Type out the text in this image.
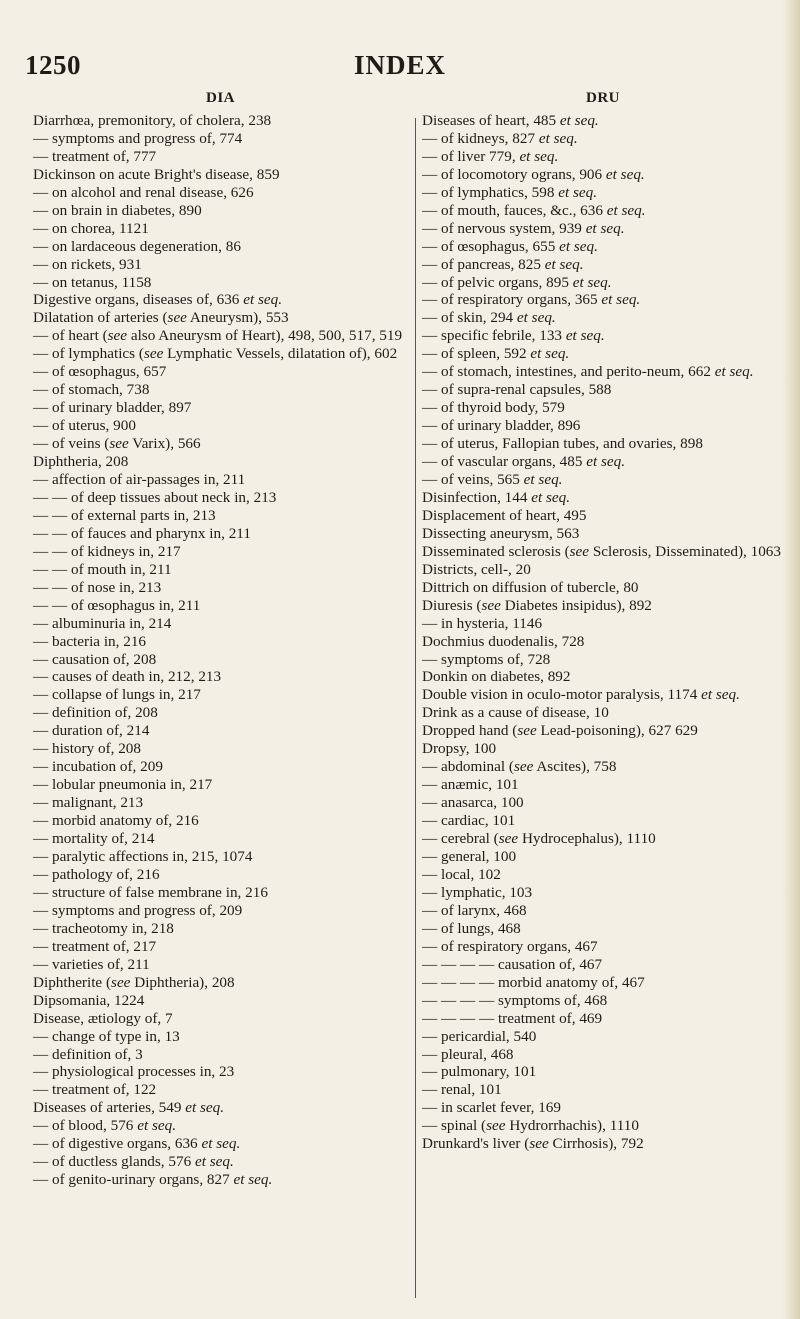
INDEX
1250
DIA
Diarrhœa, premonitory, of cholera, 238
— symptoms and progress of, 774
— treatment of, 777
Dickinson on acute Bright's disease, 859
— on alcohol and renal disease, 626
— on brain in diabetes, 890
— on chorea, 1121
— on lardaceous degeneration, 86
— on rickets, 931
— on tetanus, 1158
Digestive organs, diseases of, 636 et seq.
Dilatation of arteries (see Aneurysm), 553
— of heart (see also Aneurysm of Heart), 498, 500, 517, 519
— of lymphatics (see Lymphatic Vessels, dilatation of), 602
— of œsophagus, 657
— of stomach, 738
— of urinary bladder, 897
— of uterus, 900
— of veins (see Varix), 566
Diphtheria, 208
— affection of air-passages in, 211
— — of deep tissues about neck in, 213
— — of external parts in, 213
— — of fauces and pharynx in, 211
— — of kidneys in, 217
— — of mouth in, 211
— — of nose in, 213
— — of œsophagus in, 211
— albuminuria in, 214
— bacteria in, 216
— causation of, 208
— causes of death in, 212, 213
— collapse of lungs in, 217
— definition of, 208
— duration of, 214
— history of, 208
— incubation of, 209
— lobular pneumonia in, 217
— malignant, 213
— morbid anatomy of, 216
— mortality of, 214
— paralytic affections in, 215, 1074
— pathology of, 216
— structure of false membrane in, 216
— symptoms and progress of, 209
— tracheotomy in, 218
— treatment of, 217
— varieties of, 211
Diphtherite (see Diphtheria), 208
Dipsomania, 1224
Disease, ætiology of, 7
— change of type in, 13
— definition of, 3
— physiological processes in, 23
— treatment of, 122
Diseases of arteries, 549 et seq.
— of blood, 576 et seq.
— of digestive organs, 636 et seq.
— of ductless glands, 576 et seq.
— of genito-urinary organs, 827 et seq.
DRU
Diseases of heart, 485 et seq.
— of kidneys, 827 et seq.
— of liver 779, et seq.
— of locomotory ograns, 906 et seq.
— of lymphatics, 598 et seq.
— of mouth, fauces, &c., 636 et seq.
— of nervous system, 939 et seq.
— of œsophagus, 655 et seq.
— of pancreas, 825 et seq.
— of pelvic organs, 895 et seq.
— of respiratory organs, 365 et seq.
— of skin, 294 et seq.
— specific febrile, 133 et seq.
— of spleen, 592 et seq.
— of stomach, intestines, and perito-neum, 662 et seq.
— of supra-renal capsules, 588
— of thyroid body, 579
— of urinary bladder, 896
— of uterus, Fallopian tubes, and ovaries, 898
— of vascular organs, 485 et seq.
— of veins, 565 et seq.
Disinfection, 144 et seq.
Displacement of heart, 495
Dissecting aneurysm, 563
Disseminated sclerosis (see Sclerosis, Disseminated), 1063
Districts, cell-, 20
Dittrich on diffusion of tubercle, 80
Diuresis (see Diabetes insipidus), 892
— in hysteria, 1146
Dochmius duodenalis, 728
— symptoms of, 728
Donkin on diabetes, 892
Double vision in oculo-motor paralysis, 1174 et seq.
Drink as a cause of disease, 10
Dropped hand (see Lead-poisoning), 627 629
Dropsy, 100
— abdominal (see Ascites), 758
— anæmic, 101
— anasarca, 100
— cardiac, 101
— cerebral (see Hydrocephalus), 1110
— general, 100
— local, 102
— lymphatic, 103
— of larynx, 468
— of lungs, 468
— of respiratory organs, 467
— — — — causation of, 467
— — — — morbid anatomy of, 467
— — — — symptoms of, 468
— — — — treatment of, 469
— pericardial, 540
— pleural, 468
— pulmonary, 101
— renal, 101
— in scarlet fever, 169
— spinal (see Hydrorrhachis), 1110
Drunkard's liver (see Cirrhosis), 792
